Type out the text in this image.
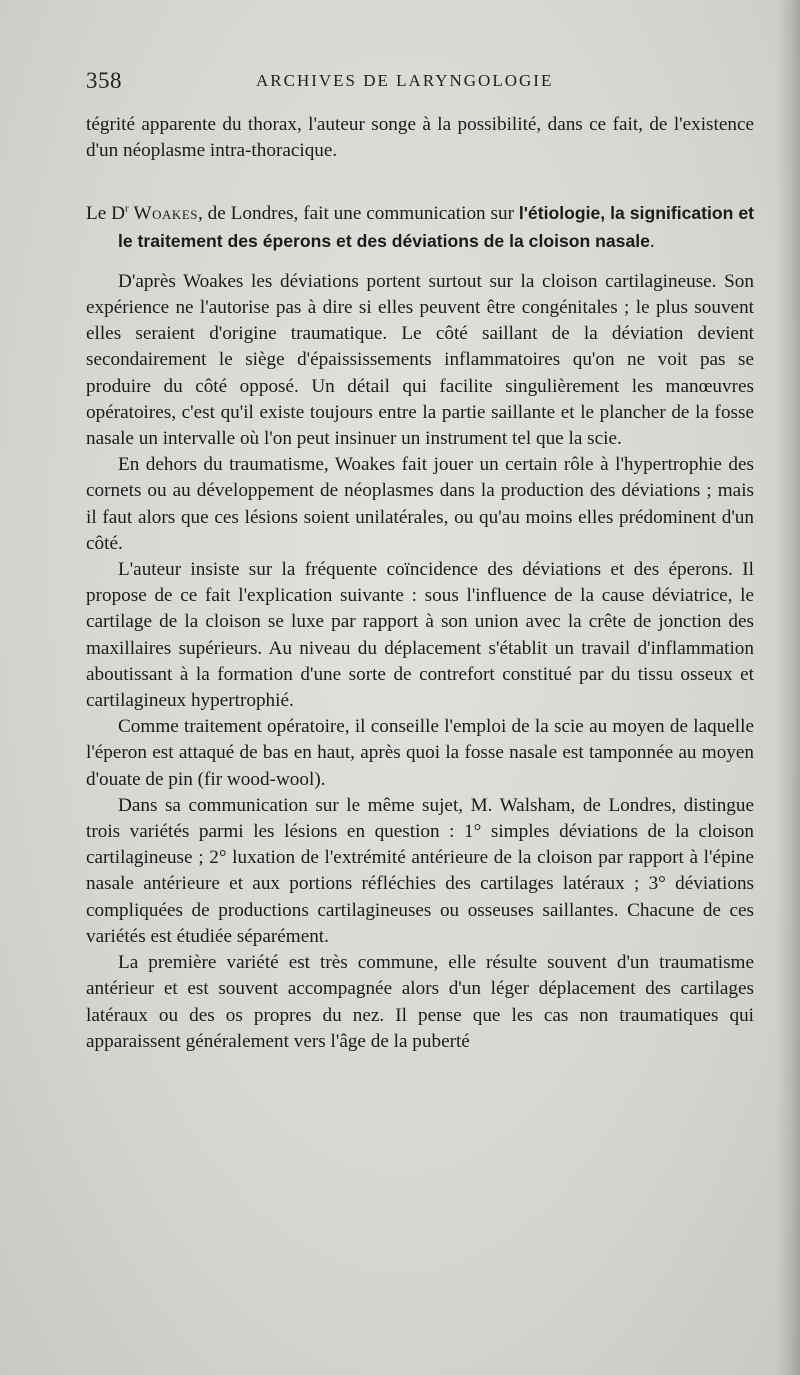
358	ARCHIVES DE LARYNGOLOGIE

tégrité apparente du thorax, l'auteur songe à la possibilité, dans ce fait, de l'existence d'un néoplasme intra-thoracique.

Le $D^r$ Woakes, de Londres, fait une communication sur l'étiologie, la signification et le traitement des éperons et des déviations de la cloison nasale.

D'après Woakes les déviations portent surtout sur la cloison cartilagineuse. Son expérience ne l'autorise pas à dire si elles peuvent être congénitales ; le plus souvent elles seraient d'origine traumatique. Le côté saillant de la déviation devient secondairement le siège d'épaississements inflammatoires qu'on ne voit pas se produire du côté opposé. Un détail qui facilite singulièrement les manœuvres opératoires, c'est qu'il existe toujours entre la partie saillante et le plancher de la fosse nasale un intervalle où l'on peut insinuer un instrument tel que la scie.

En dehors du traumatisme, Woakes fait jouer un certain rôle à l'hypertrophie des cornets ou au développement de néoplasmes dans la production des déviations ; mais il faut alors que ces lésions soient unilatérales, ou qu'au moins elles prédominent d'un côté.

L'auteur insiste sur la fréquente coïncidence des déviations et des éperons. Il propose de ce fait l'explication suivante : sous l'influence de la cause déviatrice, le cartilage de la cloison se luxe par rapport à son union avec la crête de jonction des maxillaires supérieurs. Au niveau du déplacement s'établit un travail d'inflammation aboutissant à la formation d'une sorte de contrefort constitué par du tissu osseux et cartilagineux hypertrophié.

Comme traitement opératoire, il conseille l'emploi de la scie au moyen de laquelle l'éperon est attaqué de bas en haut, après quoi la fosse nasale est tamponnée au moyen d'ouate de pin (fir wood-wool).

Dans sa communication sur le même sujet, M. Walsham, de Londres, distingue trois variétés parmi les lésions en question : 1° simples déviations de la cloison cartilagineuse ; 2° luxation de l'extrémité antérieure de la cloison par rapport à l'épine nasale antérieure et aux portions réfléchies des cartilages latéraux ; 3° déviations compliquées de productions cartilagineuses ou osseuses saillantes. Chacune de ces variétés est étudiée séparément.

La première variété est très commune, elle résulte souvent d'un traumatisme antérieur et est souvent accompagnée alors d'un léger déplacement des cartilages latéraux ou des os propres du nez. Il pense que les cas non traumatiques qui apparaissent généralement vers l'âge de la puberté
